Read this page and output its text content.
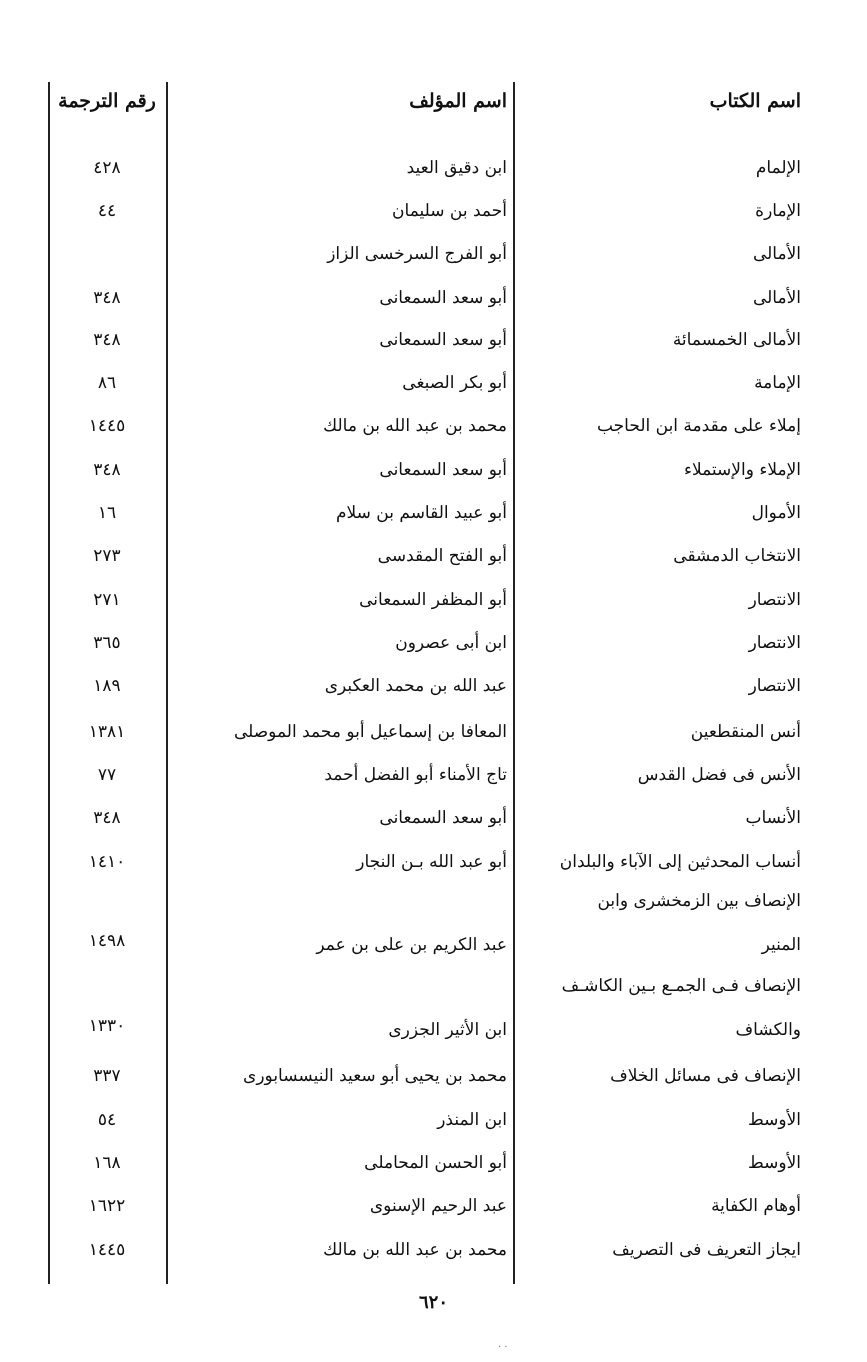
اسم الكتاب
اسم المؤلف
رقم الترجمة
الإلمام
ابن دقيق العيد
٤٢٨
الإمارة
أحمد بن سليمان
٤٤
الأمالى
أبو الفرج السرخسى الزاز
الأمالى
أبو سعد السمعانى
٣٤٨
الأمالى الخمسمائة
أبو سعد السمعانى
٣٤٨
الإمامة
أبو بكر الصبغى
٨٦
إملاء على مقدمة ابن الحاجب
محمد بن عبد الله بن مالك
١٤٤٥
الإملاء والإستملاء
أبو سعد السمعانى
٣٤٨
الأموال
أبو عبيد القاسم بن سلام
١٦
الانتخاب الدمشقى
أبو الفتح المقدسى
٢٧٣
الانتصار
أبو المظفر السمعانى
٢٧١
الانتصار
ابن أبى عصرون
٣٦٥
الانتصار
عبد الله بن محمد العكبرى
١٨٩
أنس المنقطعين
المعافا بن إسماعيل أبو محمد الموصلى
١٣٨١
الأنس فى فضل القدس
تاج الأمناء أبو الفضل أحمد
٧٧
الأنساب
أبو سعد السمعانى
٣٤٨
أنساب المحدثين إلى الآباء والبلدان
أبو عبد الله بـن النجار
١٤١٠
الإنصاف بين الزمخشرى وابن
المنير
عبد الكريم بن على بن عمر
١٤٩٨
الإنصاف فـى الجمـع بـين الكاشـف
والكشاف
ابن الأثير الجزرى
١٣٣٠
الإنصاف فى مسائل الخلاف
محمد بن يحيى أبو سعيد النيسسابورى
٣٣٧
الأوسط
ابن المنذر
٥٤
الأوسط
أبو الحسن المحاملى
١٦٨
أوهام الكفاية
عبد الرحيم الإسنوى
١٦٢٢
ايجاز التعريف فى التصريف
محمد بن عبد الله بن مالك
١٤٤٥
٦٢٠
· ·
